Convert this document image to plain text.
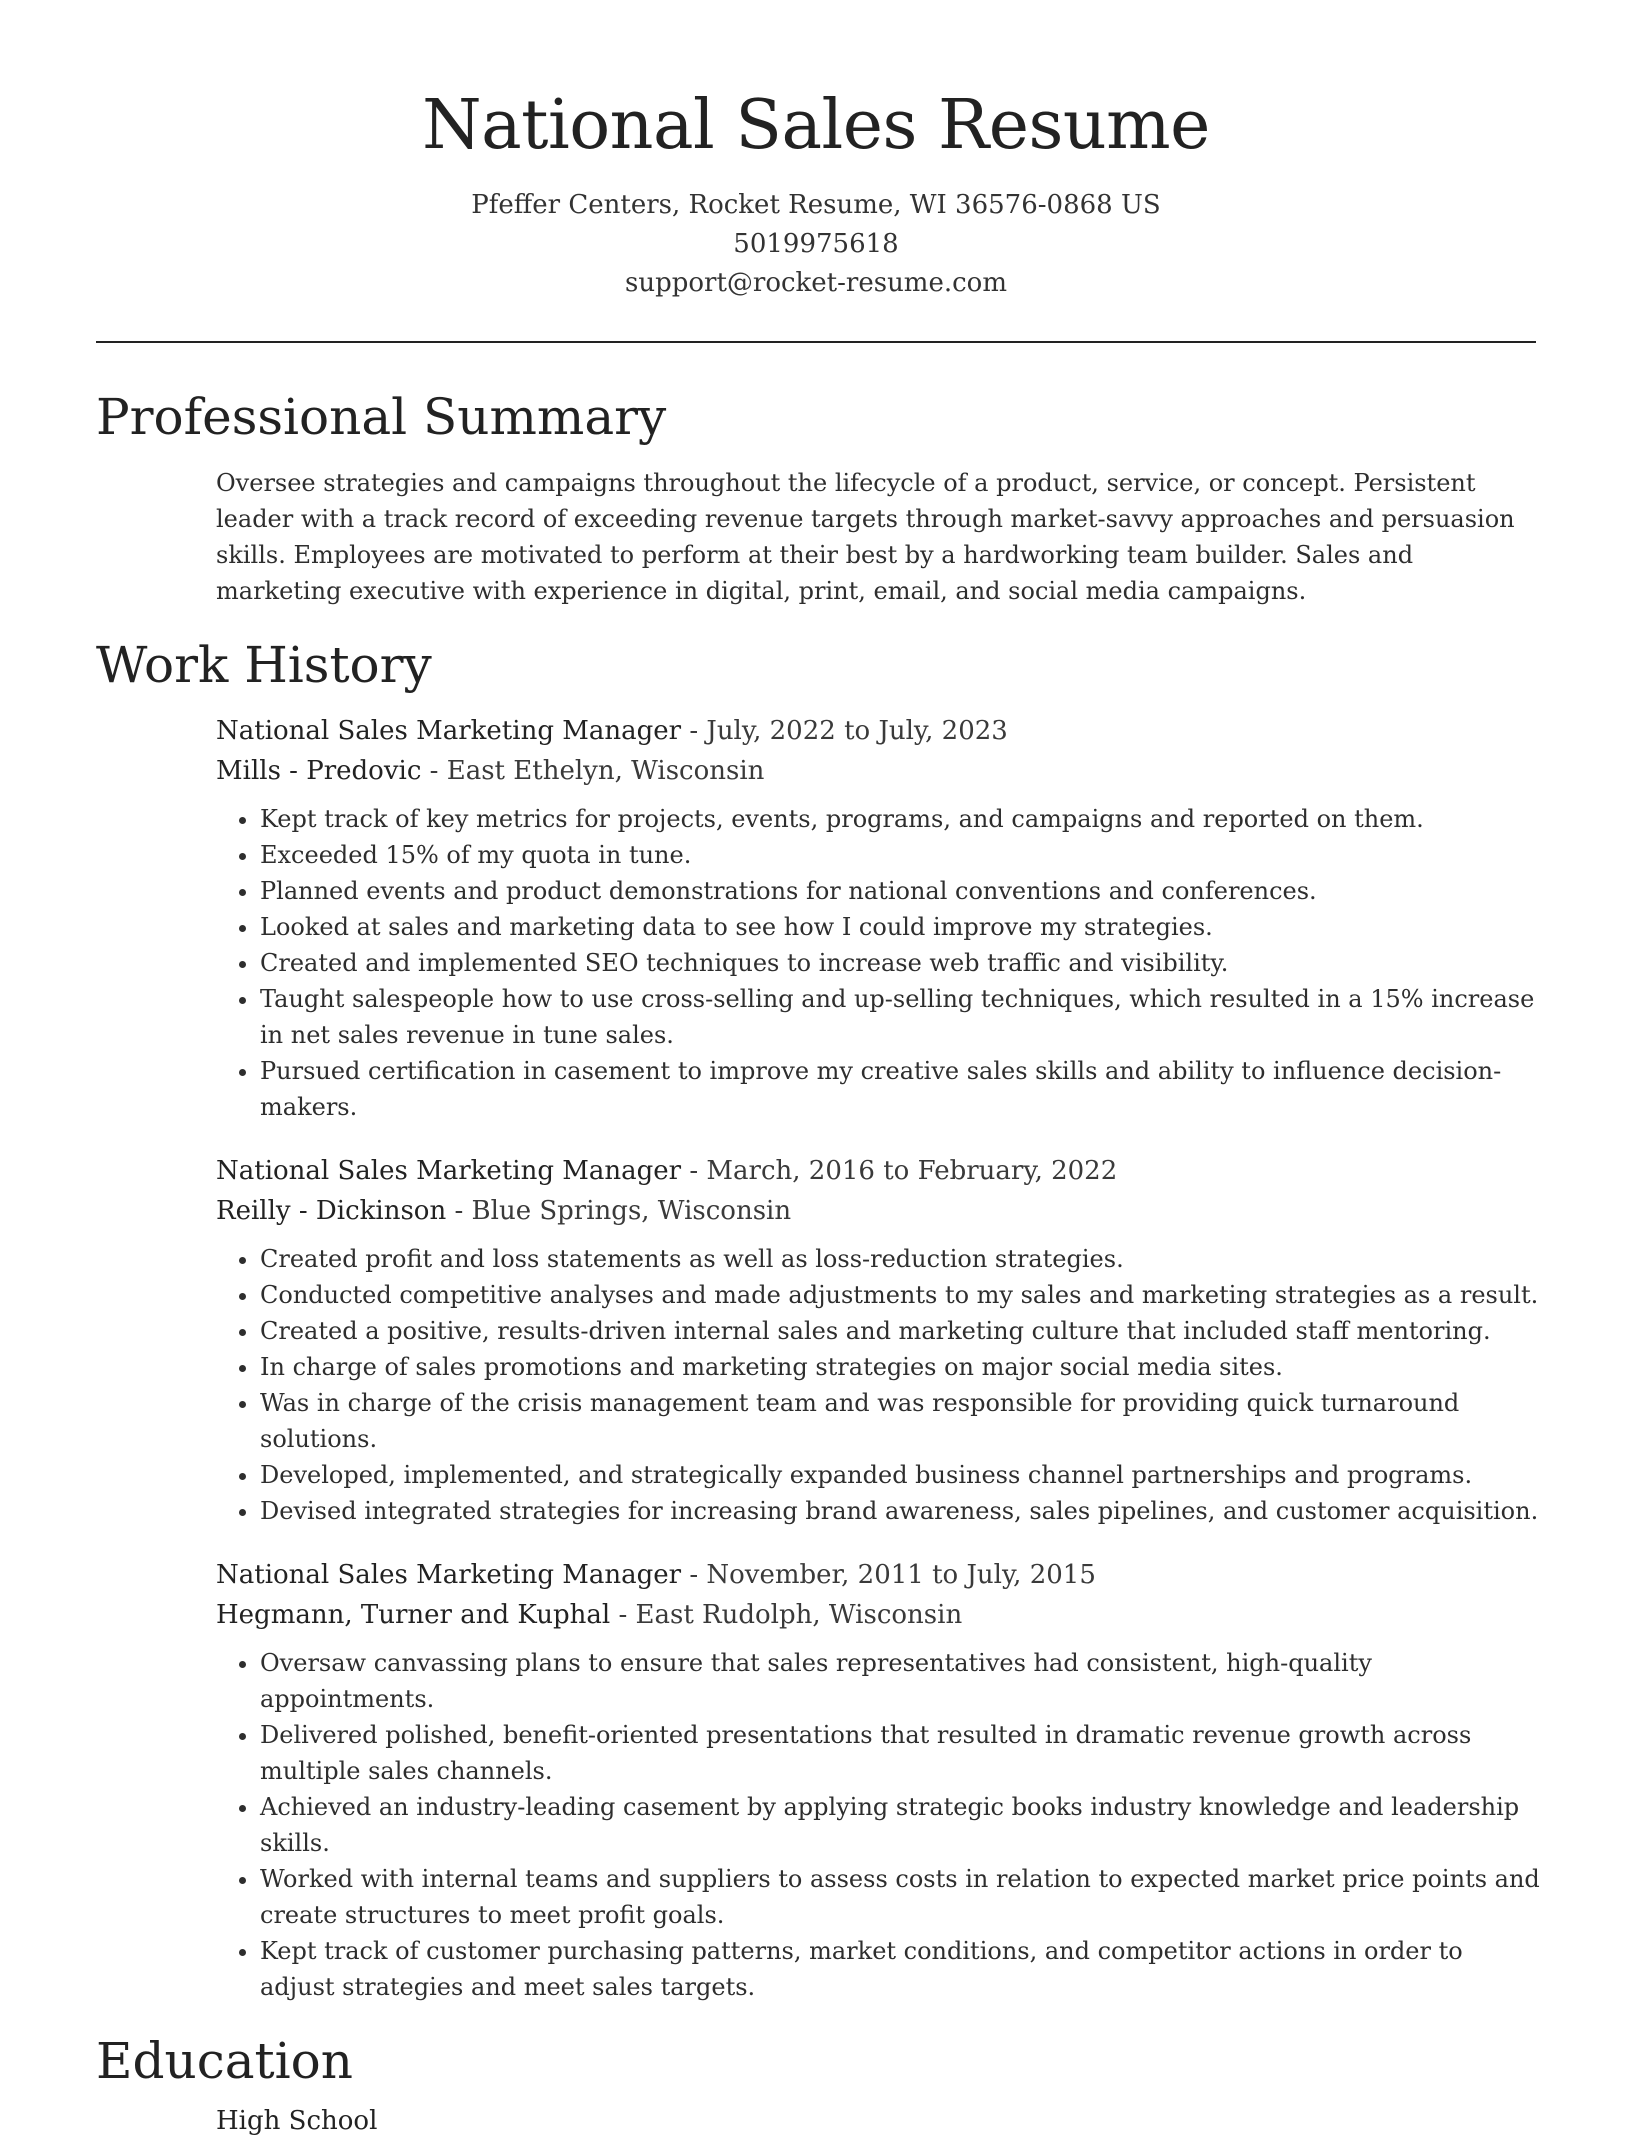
National Sales Resume
Pfeffer Centers, Rocket Resume, WI 36576-0868 US
5019975618
support@rocket-resume.com
Professional Summary
Oversee strategies and campaigns throughout the lifecycle of a product, service, or concept. Persistent leader with a track record of exceeding revenue targets through market-savvy approaches and persuasion skills. Employees are motivated to perform at their best by a hardworking team builder. Sales and marketing executive with experience in digital, print, email, and social media campaigns.
Work History
National Sales Marketing Manager - July, 2022 to July, 2023
Mills - Predovic - East Ethelyn, Wisconsin
• Kept track of key metrics for projects, events, programs, and campaigns and reported on them.
• Exceeded 15% of my quota in tune.
• Planned events and product demonstrations for national conventions and conferences.
• Looked at sales and marketing data to see how I could improve my strategies.
• Created and implemented SEO techniques to increase web traffic and visibility.
• Taught salespeople how to use cross-selling and up-selling techniques, which resulted in a 15% increase in net sales revenue in tune sales.
• Pursued certification in casement to improve my creative sales skills and ability to influence decision-makers.
National Sales Marketing Manager - March, 2016 to February, 2022
Reilly - Dickinson - Blue Springs, Wisconsin
• Created profit and loss statements as well as loss-reduction strategies.
• Conducted competitive analyses and made adjustments to my sales and marketing strategies as a result.
• Created a positive, results-driven internal sales and marketing culture that included staff mentoring.
• In charge of sales promotions and marketing strategies on major social media sites.
• Was in charge of the crisis management team and was responsible for providing quick turnaround solutions.
• Developed, implemented, and strategically expanded business channel partnerships and programs.
• Devised integrated strategies for increasing brand awareness, sales pipelines, and customer acquisition.
National Sales Marketing Manager - November, 2011 to July, 2015
Hegmann, Turner and Kuphal - East Rudolph, Wisconsin
• Oversaw canvassing plans to ensure that sales representatives had consistent, high-quality appointments.
• Delivered polished, benefit-oriented presentations that resulted in dramatic revenue growth across multiple sales channels.
• Achieved an industry-leading casement by applying strategic books industry knowledge and leadership skills.
• Worked with internal teams and suppliers to assess costs in relation to expected market price points and create structures to meet profit goals.
• Kept track of customer purchasing patterns, market conditions, and competitor actions in order to adjust strategies and meet sales targets.
Education
High School
